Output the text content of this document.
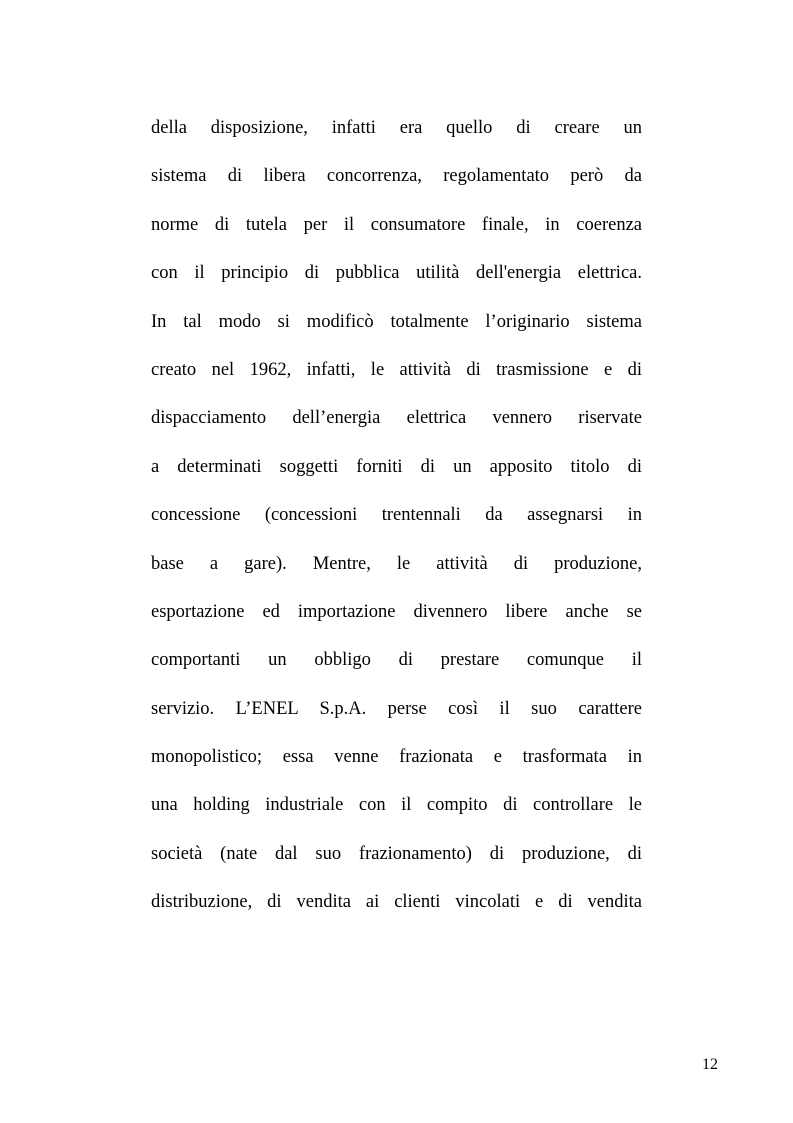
della disposizione, infatti era quello di creare un
sistema di libera concorrenza, regolamentato però da
norme di tutela per il consumatore finale, in coerenza
con il principio di pubblica utilità dell'energia elettrica.
In tal modo si modificò totalmente l’originario sistema
creato nel 1962, infatti, le attività di trasmissione e di
dispacciamento dell’energia elettrica vennero riservate
a determinati soggetti forniti di un apposito titolo di
concessione (concessioni trentennali da assegnarsi in
base a gare). Mentre, le attività di produzione,
esportazione ed importazione divennero libere anche se
comportanti un obbligo di prestare comunque il
servizio. L’ENEL S.p.A. perse così il suo carattere
monopolistico; essa venne frazionata e trasformata in
una holding industriale con il compito di controllare le
società (nate dal suo frazionamento) di produzione, di
distribuzione, di vendita ai clienti vincolati e di vendita
12
